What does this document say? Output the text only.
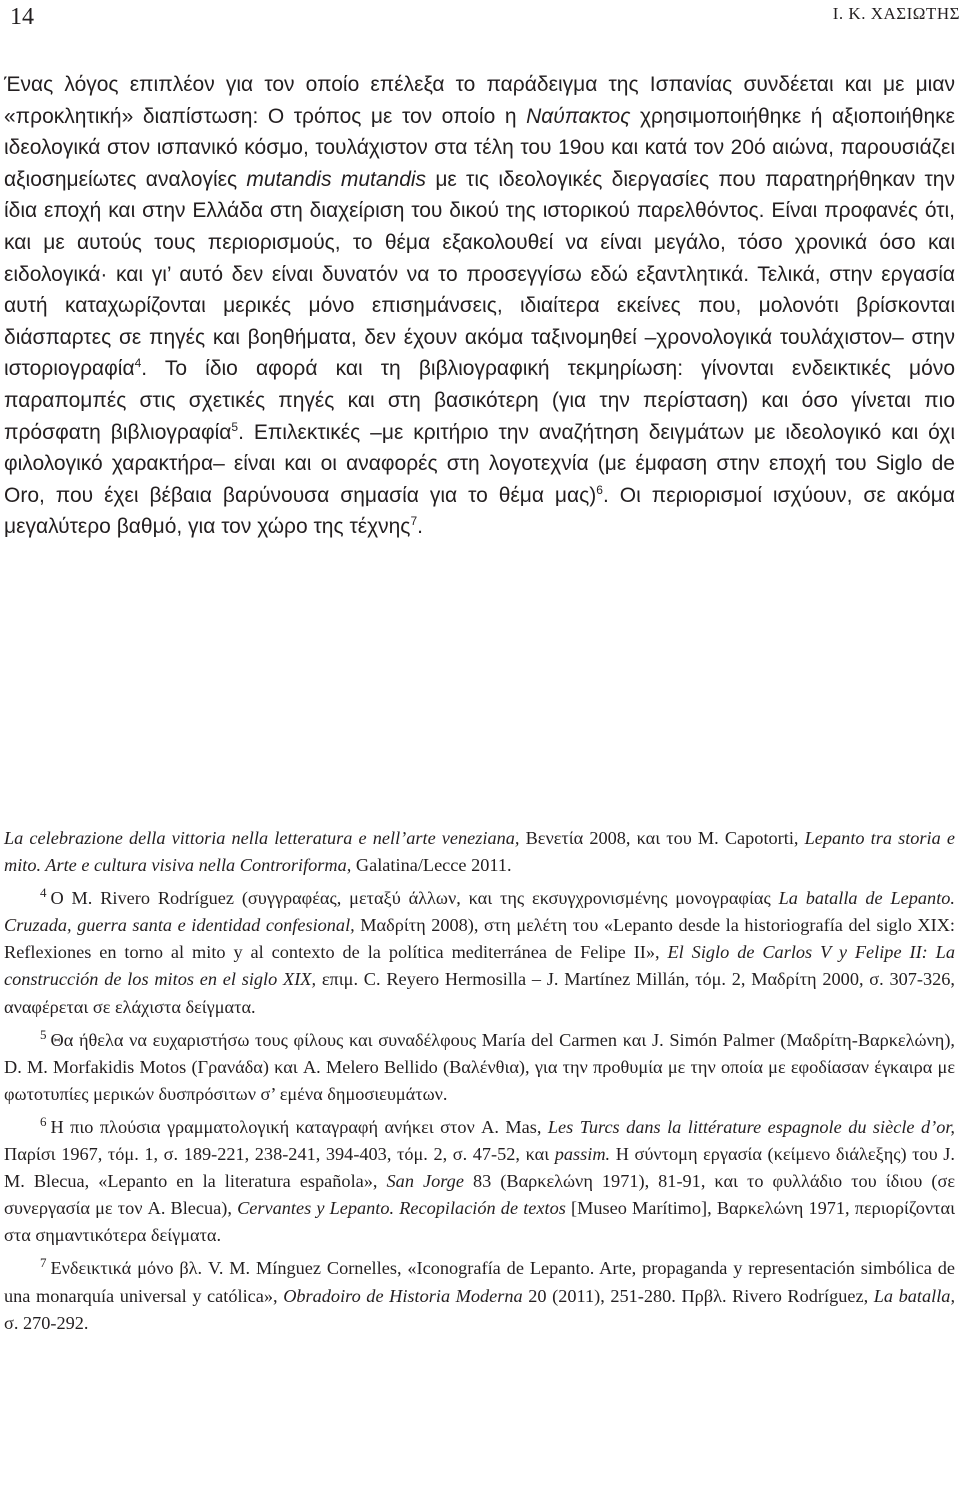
14	Ι. Κ. ΧΑΣΙΩΤΗΣ

Ένας λόγος επιπλέον για τον οποίο επέλεξα το παράδειγμα της Ισπανίας συνδέεται και με μιαν «προκλητική» διαπίστωση: Ο τρόπος με τον οποίο η Ναύπακτος χρησιμοποιήθηκε ή αξιοποιήθηκε ιδεολογικά στον ισπανικό κόσμο, τουλάχιστον στα τέλη του 19ου και κατά τον 20ό αιώνα, παρουσιάζει αξιοσημείωτες αναλογίες mutandis mutandis με τις ιδεολογικές διεργασίες που παρατηρήθηκαν την ίδια εποχή και στην Ελλάδα στη διαχείριση του δικού της ιστορικού παρελθόντος. Είναι προφανές ότι, και με αυτούς τους περιορισμούς, το θέμα εξακολουθεί να είναι μεγάλο, τόσο χρονικά όσο και ειδολογικά· και γι’ αυτό δεν είναι δυνατόν να το προσεγγίσω εδώ εξαντλητικά. Τελικά, στην εργασία αυτή καταχωρίζονται μερικές μόνο επισημάνσεις, ιδιαίτερα εκείνες που, μολονότι βρίσκονται διάσπαρτες σε πηγές και βοηθήματα, δεν έχουν ακόμα ταξινομηθεί –χρονολογικά τουλάχιστον– στην ιστοριογραφία$^4$. Το ίδιο αφορά και τη βιβλιογραφική τεκμηρίωση: γίνονται ενδεικτικές μόνο παραπομπές στις σχετικές πηγές και στη βασικότερη (για την περίσταση) και όσο γίνεται πιο πρόσφατη βιβλιογραφία$^5$. Επιλεκτικές –με κριτήριο την αναζήτηση δειγμάτων με ιδεολογικό και όχι φιλολογικό χαρακτήρα– είναι και οι αναφορές στη λογοτεχνία (με έμφαση στην εποχή του Siglo de Oro, που έχει βέβαια βαρύνουσα σημασία για το θέμα μας)$^6$. Οι περιορισμοί ισχύουν, σε ακόμα μεγαλύτερο βαθμό, για τον χώρο της τέχνης$^7$.

La celebrazione della vittoria nella letteratura e nell’arte veneziana, Βενετία 2008, και του M. Capotorti, Lepanto tra storia e mito. Arte e cultura visiva nella Controriforma, Galatina/Lecce 2011.

$^4$ Ο M. Rivero Rodríguez (συγγραφέας, μεταξύ άλλων, και της εκσυγχρονισμένης μονογραφίας La batalla de Lepanto. Cruzada, guerra santa e identidad confesional, Μαδρίτη 2008), στη μελέτη του «Lepanto desde la historiografía del siglo XIX: Reflexiones en torno al mito y al contexto de la política mediterránea de Felipe II», El Siglo de Carlos V y Felipe II: La construcción de los mitos en el siglo XIX, επιμ. C. Reyero Hermosilla – J. Martínez Millán, τόμ. 2, Μαδρίτη 2000, σ. 307-326, αναφέρεται σε ελάχιστα δείγματα.

$^5$ Θα ήθελα να ευχαριστήσω τους φίλους και συναδέλφους María del Carmen και J. Simón Palmer (Μαδρίτη-Βαρκελώνη), D. M. Morfakidis Motos (Γρανάδα) και A. Melero Bellido (Βαλένθια), για την προθυμία με την οποία με εφοδίασαν έγκαιρα με φωτοτυπίες μερικών δυσπρόσιτων σ’ εμένα δημοσιευμάτων.

$^6$ Η πιο πλούσια γραμματολογική καταγραφή ανήκει στον A. Mas, Les Turcs dans la littérature espagnole du siècle d’or, Παρίσι 1967, τόμ. 1, σ. 189-221, 238-241, 394-403, τόμ. 2, σ. 47-52, και passim. Η σύντομη εργασία (κείμενο διάλεξης) του J. M. Blecua, «Lepanto en la literatura española», San Jorge 83 (Βαρκελώνη 1971), 81-91, και το φυλλάδιο του ίδιου (σε συνεργασία με τον A. Blecua), Cervantes y Lepanto. Recopilación de textos [Museo Marítimo], Βαρκελώνη 1971, περιορίζονται στα σημαντικότερα δείγματα.

$^7$ Ενδεικτικά μόνο βλ. V. M. Mínguez Cornelles, «Iconografía de Lepanto. Arte, propaganda y representación simbólica de una monarquía universal y católica», Obradoiro de Historia Moderna 20 (2011), 251-280. Πρβλ. Rivero Rodríguez, La batalla, σ. 270-292.
